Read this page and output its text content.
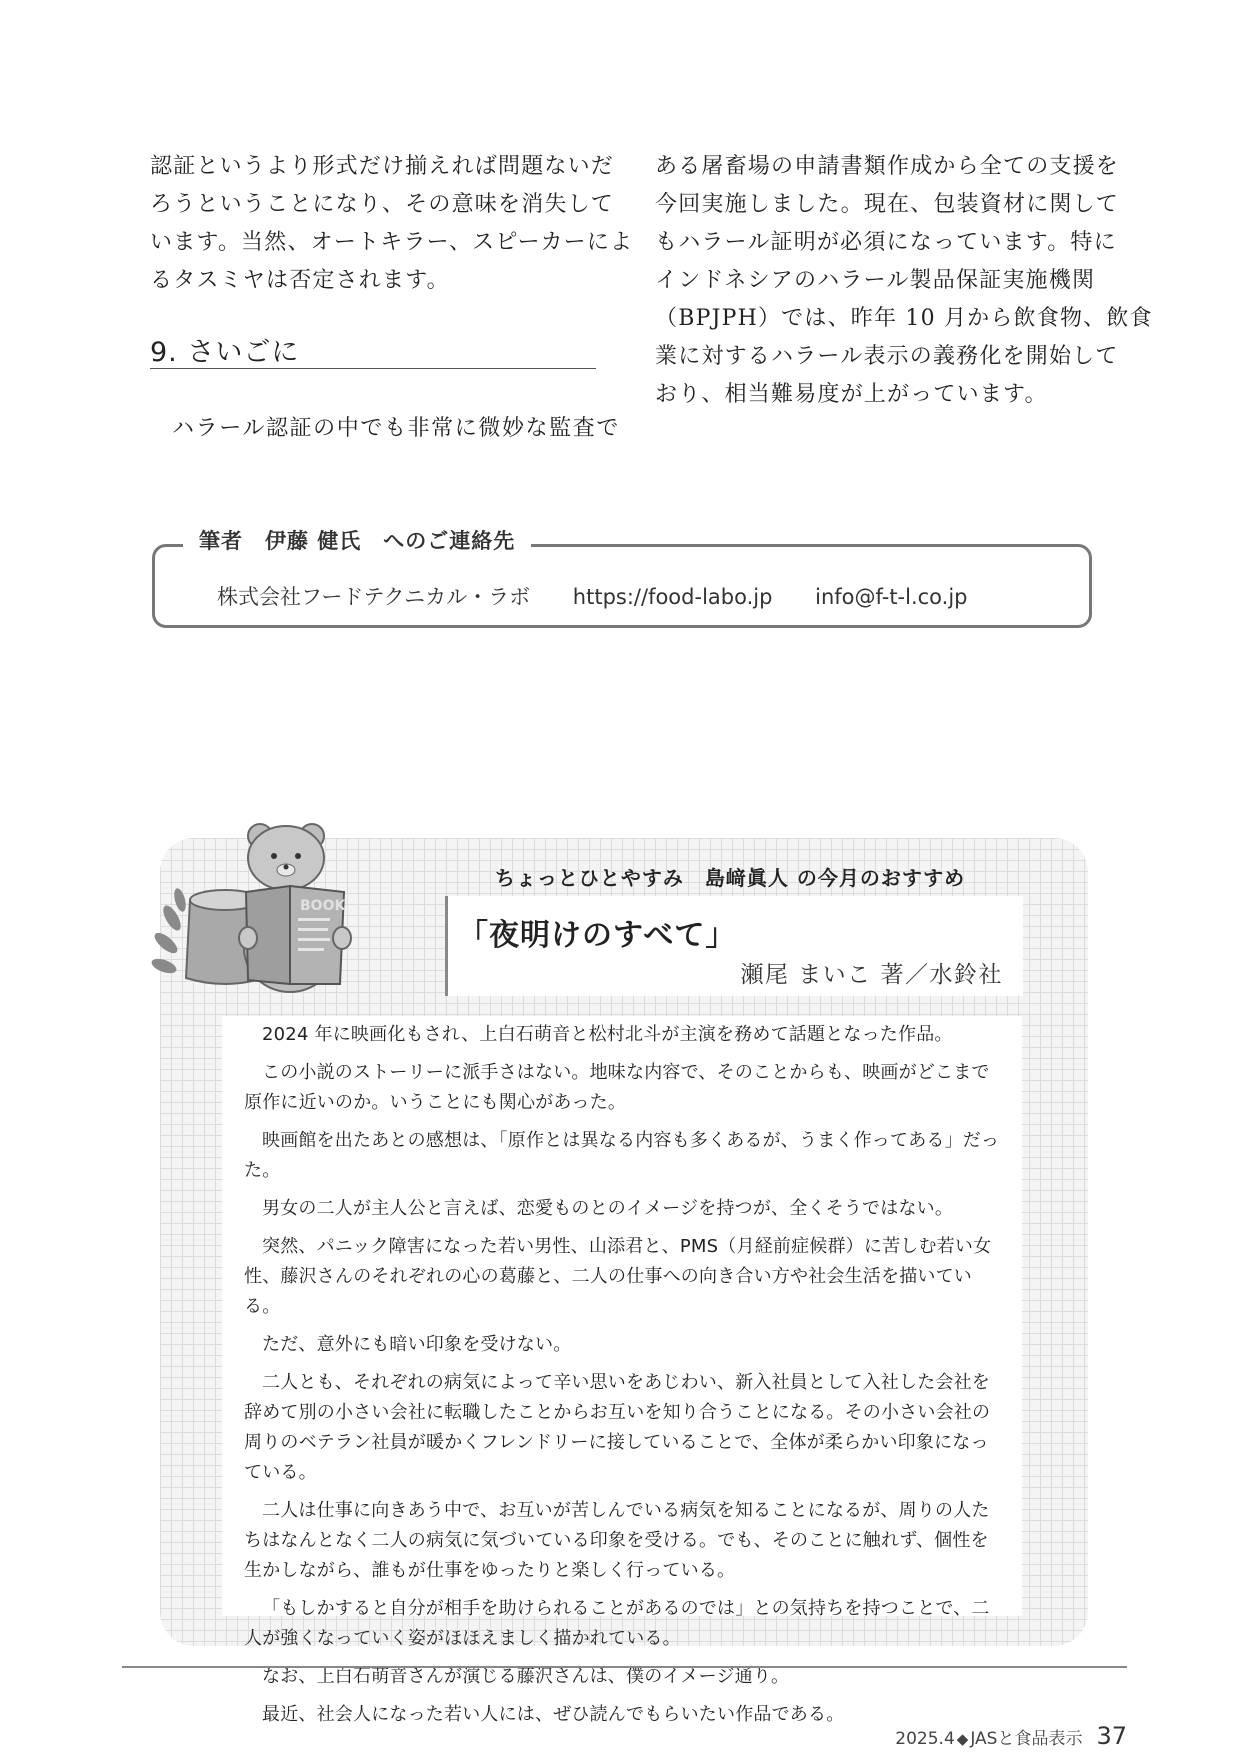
認証というより形式だけ揃えれば問題ないだ

ろうということになり、その意味を消失して

います。当然、オートキラー、スピーカーによ

るタスミヤは否定されます。

9. さいごに

ハラール認証の中でも非常に微妙な監査で

ある屠畜場の申請書類作成から全ての支援を

今回実施しました。現在、包装資材に関して

もハラール証明が必須になっています。特に

インドネシアのハラール製品保証実施機関

（BPJPH）では、昨年 10 月から飲食物、飲食

業に対するハラール表示の義務化を開始して

おり、相当難易度が上がっています。

筆者　伊藤 健氏　へのご連絡先
株式会社フードテクニカル・ラボ https://food-labo.jp info@f-t-l.co.jp
BOOK
ちょっとひとやすみ　島﨑眞人 の今月のおすすめ
「夜明けのすべて」
瀬尾 まいこ 著／水鈴社

2024 年に映画化もされ、上白石萌音と松村北斗が主演を務めて話題となった作品。

この小説のストーリーに派手さはない。地味な内容で、そのことからも、映画がどこまで原作に近いのか。いうことにも関心があった。

映画館を出たあとの感想は、「原作とは異なる内容も多くあるが、うまく作ってある」だった。

男女の二人が主人公と言えば、恋愛ものとのイメージを持つが、全くそうではない。

突然、パニック障害になった若い男性、山添君と、PMS（月経前症候群）に苦しむ若い女性、藤沢さんのそれぞれの心の葛藤と、二人の仕事への向き合い方や社会生活を描いている。

ただ、意外にも暗い印象を受けない。

二人とも、それぞれの病気によって辛い思いをあじわい、新入社員として入社した会社を辞めて別の小さい会社に転職したことからお互いを知り合うことになる。その小さい会社の周りのベテラン社員が暖かくフレンドリーに接していることで、全体が柔らかい印象になっている。

二人は仕事に向きあう中で、お互いが苦しんでいる病気を知ることになるが、周りの人たちはなんとなく二人の病気に気づいている印象を受ける。でも、そのことに触れず、個性を生かしながら、誰もが仕事をゆったりと楽しく行っている。

「もしかすると自分が相手を助けられることがあるのでは」との気持ちを持つことで、二人が強くなっていく姿がほほえましく描かれている。

なお、上白石萌音さんが演じる藤沢さんは、僕のイメージ通り。

最近、社会人になった若い人には、ぜひ読んでもらいたい作品である。

2025.4 ◆ JASと食品表示 37
